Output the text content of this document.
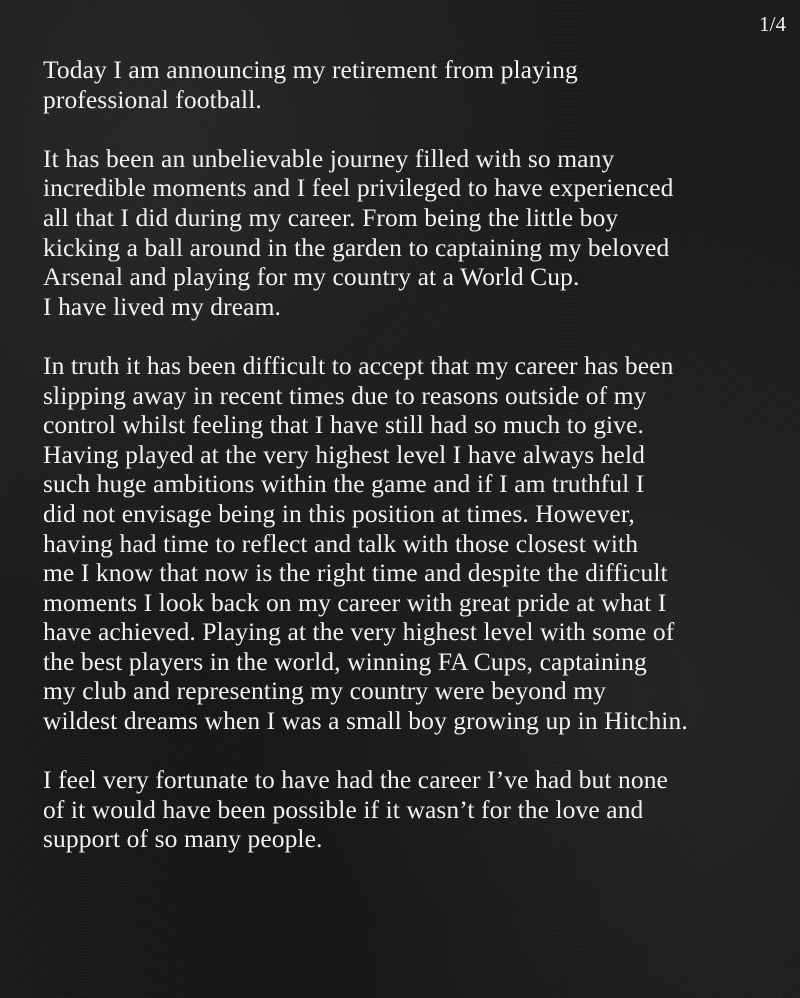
1/4

Today I am announcing my retirement from playing
professional football.

It has been an unbelievable journey filled with so many
incredible moments and I feel privileged to have experienced
all that I did during my career. From being the little boy
kicking a ball around in the garden to captaining my beloved
Arsenal and playing for my country at a World Cup.
I have lived my dream.

In truth it has been difficult to accept that my career has been
slipping away in recent times due to reasons outside of my
control whilst feeling that I have still had so much to give.
Having played at the very highest level I have always held
such huge ambitions within the game and if I am truthful I
did not envisage being in this position at times. However,
having had time to reflect and talk with those closest with
me I know that now is the right time and despite the difficult
moments I look back on my career with great pride at what I
have achieved. Playing at the very highest level with some of
the best players in the world, winning FA Cups, captaining
my club and representing my country were beyond my
wildest dreams when I was a small boy growing up in Hitchin.

I feel very fortunate to have had the career I’ve had but none
of it would have been possible if it wasn’t for the love and
support of so many people.
